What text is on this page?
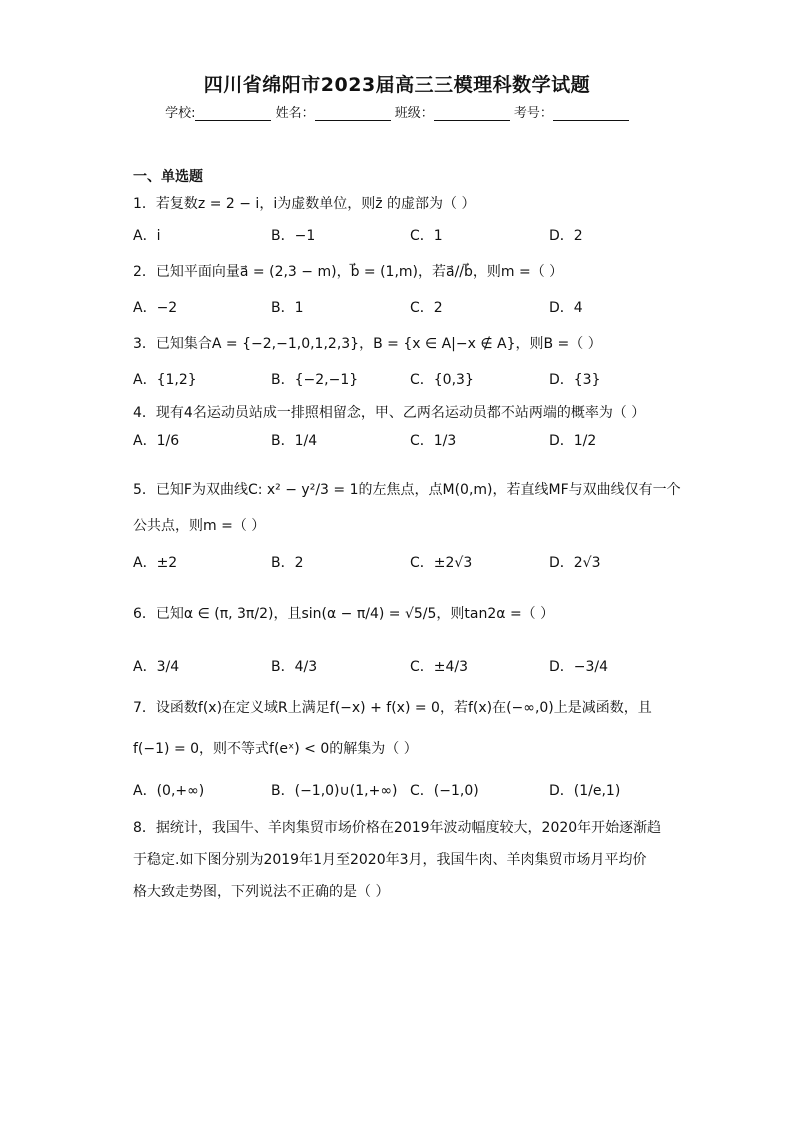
四川省绵阳市2023届高三三模理科数学试题
学校:	姓名：	班级：	考号：
一、单选题
1．若复数z = 2 − i，i为虚数单位，则z̄ 的虚部为（ ）
A．i	B．−1	C．1	D．2
2．已知平面向量a⃗ = (2,3 − m)，b⃗ = (1,m)，若a⃗//b⃗，则m =（ ）
A．−2	B．1	C．2	D．4
3．已知集合A = {−2,−1,0,1,2,3}，B = {x ∈ A|−x ∉ A}，则B =（ ）
A．{1,2}	B．{−2,−1}	C．{0,3}	D．{3}
4．现有4名运动员站成一排照相留念，甲、乙两名运动员都不站两端的概率为（ ）
A．1/6	B．1/4	C．1/3	D．1/2
5．已知F为双曲线C: x² − y²/3 = 1的左焦点，点M(0,m)，若直线MF与双曲线仅有一个
公共点，则m =（ ）
A．±2	B．2	C．±2√3	D．2√3
6．已知α ∈ (π, 3π/2)，且sin(α − π/4) = √5/5，则tan2α =（ ）
A．3/4	B．4/3	C．±4/3	D．−3/4
7．设函数f(x)在定义域R上满足f(−x) + f(x) = 0，若f(x)在(−∞,0)上是减函数，且
f(−1) = 0，则不等式f(eˣ) < 0的解集为（ ）
A．(0,+∞)	B．(−1,0)∪(1,+∞) C．(−1,0)	D．(1/e,1)
8．据统计，我国牛、羊肉集贸市场价格在2019年波动幅度较大，2020年开始逐渐趋
于稳定.如下图分别为2019年1月至2020年3月，我国牛肉、羊肉集贸市场月平均价
格大致走势图，下列说法不正确的是（ ）
